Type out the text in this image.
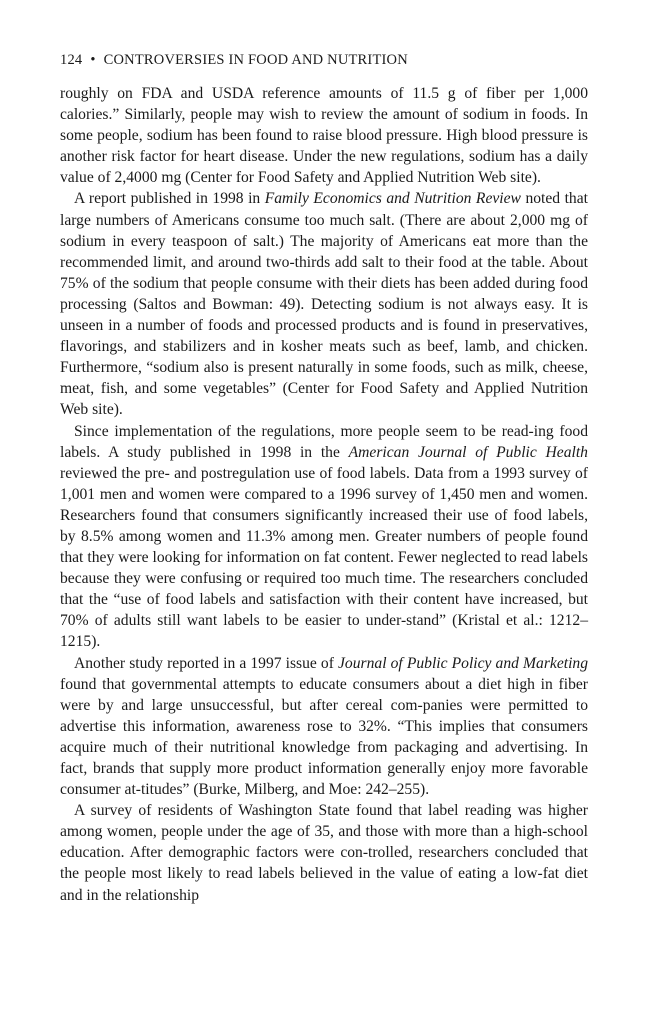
124 • CONTROVERSIES IN FOOD AND NUTRITION

roughly on FDA and USDA reference amounts of 11.5 g of fiber per 1,000 calories.” Similarly, people may wish to review the amount of sodium in foods. In some people, sodium has been found to raise blood pressure. High blood pressure is another risk factor for heart disease. Under the new regulations, sodium has a daily value of 2,4000 mg (Center for Food Safety and Applied Nutrition Web site).

A report published in 1998 in Family Economics and Nutrition Review noted that large numbers of Americans consume too much salt. (There are about 2,000 mg of sodium in every teaspoon of salt.) The majority of Americans eat more than the recommended limit, and around two-thirds add salt to their food at the table. About 75% of the sodium that people consume with their diets has been added during food processing (Saltos and Bowman: 49). Detecting sodium is not always easy. It is unseen in a number of foods and processed products and is found in preservatives, flavorings, and stabilizers and in kosher meats such as beef, lamb, and chicken. Furthermore, “sodium also is present naturally in some foods, such as milk, cheese, meat, fish, and some vegetables” (Center for Food Safety and Applied Nutrition Web site).

Since implementation of the regulations, more people seem to be read-ing food labels. A study published in 1998 in the American Journal of Public Health reviewed the pre- and postregulation use of food labels. Data from a 1993 survey of 1,001 men and women were compared to a 1996 survey of 1,450 men and women. Researchers found that consumers significantly increased their use of food labels, by 8.5% among women and 11.3% among men. Greater numbers of people found that they were looking for information on fat content. Fewer neglected to read labels because they were confusing or required too much time. The researchers concluded that the “use of food labels and satisfaction with their content have increased, but 70% of adults still want labels to be easier to under-stand” (Kristal et al.: 1212–1215).

Another study reported in a 1997 issue of Journal of Public Policy and Marketing found that governmental attempts to educate consumers about a diet high in fiber were by and large unsuccessful, but after cereal com-panies were permitted to advertise this information, awareness rose to 32%. “This implies that consumers acquire much of their nutritional knowledge from packaging and advertising. In fact, brands that supply more product information generally enjoy more favorable consumer at-titudes” (Burke, Milberg, and Moe: 242–255).

A survey of residents of Washington State found that label reading was higher among women, people under the age of 35, and those with more than a high-school education. After demographic factors were con-trolled, researchers concluded that the people most likely to read labels believed in the value of eating a low-fat diet and in the relationship
